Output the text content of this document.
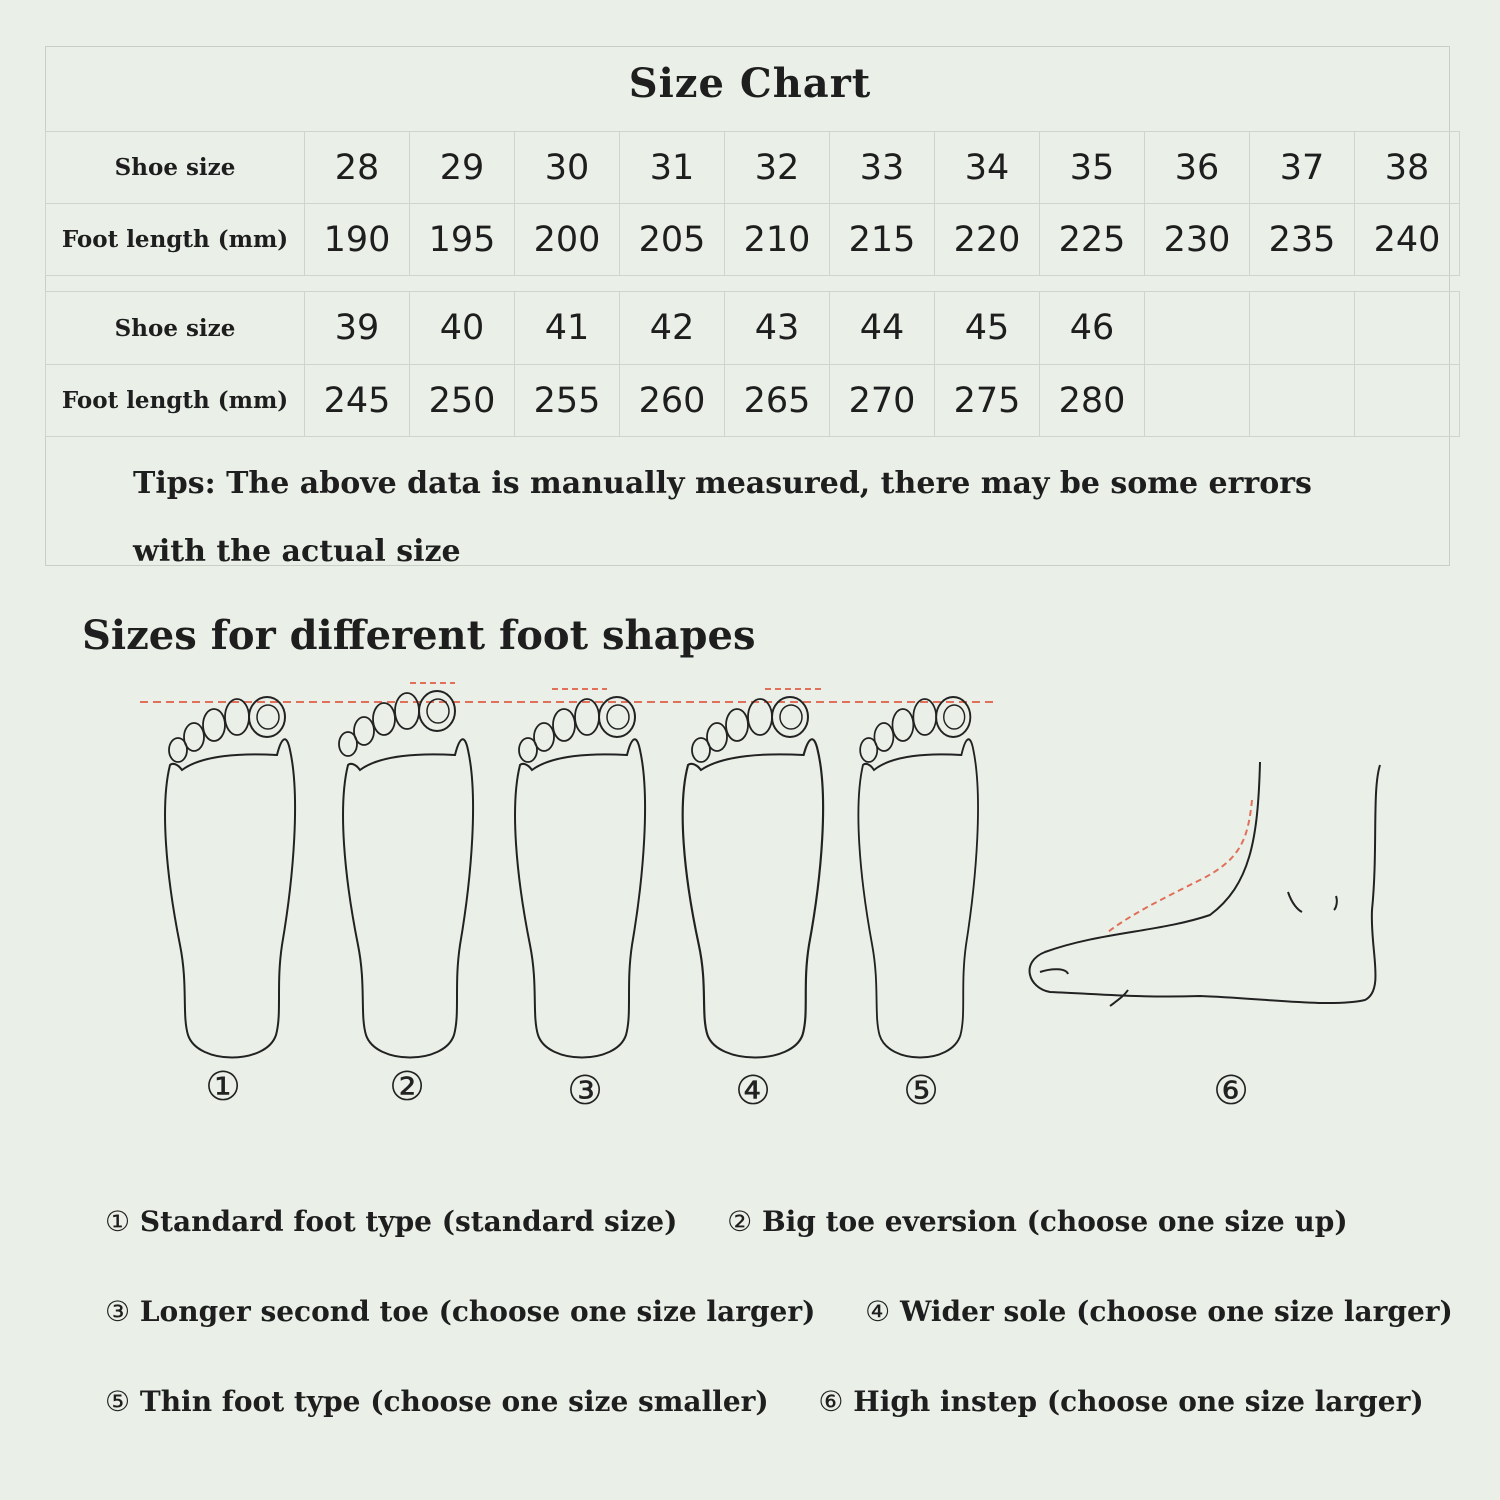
Size Chart
Shoe size	28	29	30	31	32	33	34	35	36	37	38
Foot length (mm)	190	195	200	205	210	215	220	225	230	235	240
Shoe size	39	40	41	42	43	44	45	46			
Foot length (mm)	245	250	255	260	265	270	275	280			
Tips: The above data is manually measured, there may be some errors
with the actual size
Sizes for different foot shapes
①	②	③	④	⑤	⑥
① Standard foot type (standard size) ② Big toe eversion (choose one size up)
③ Longer second toe (choose one size larger) ④ Wider sole (choose one size larger)
⑤ Thin foot type (choose one size smaller) ⑥ High instep (choose one size larger)
